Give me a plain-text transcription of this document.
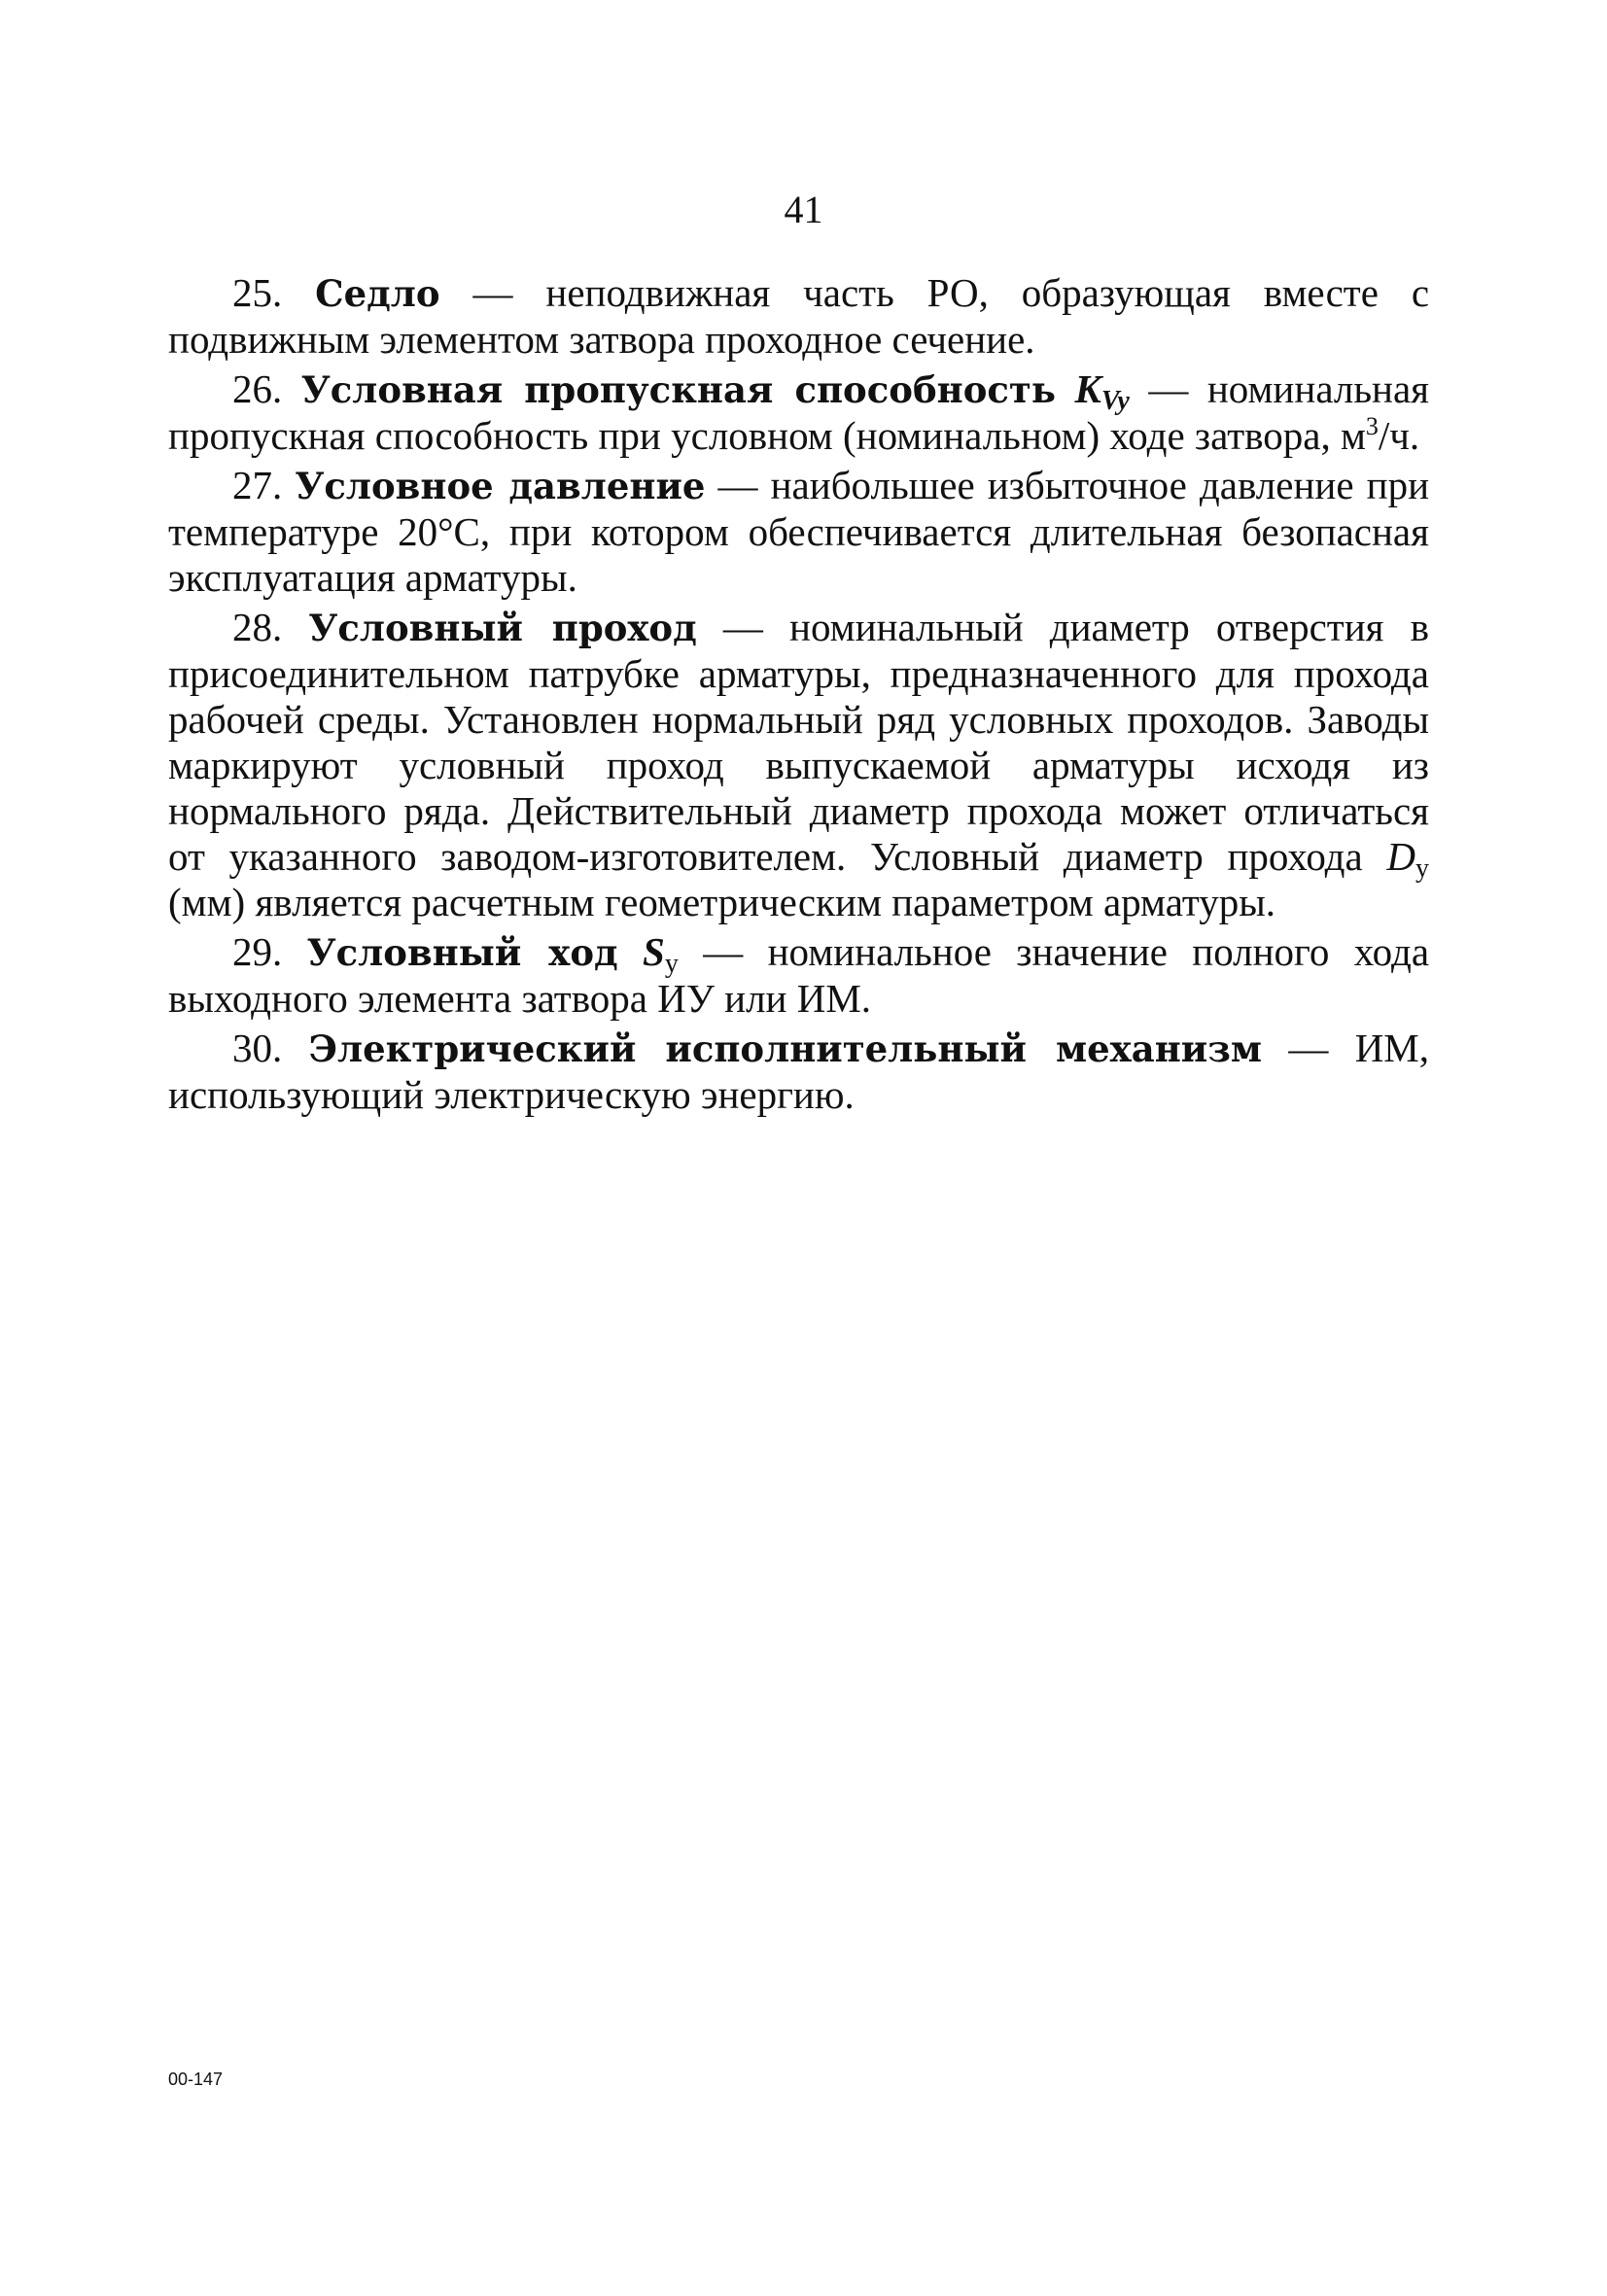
41

25. Седло — неподвижная часть РО, образующая вместе с подвижным элементом затвора проходное сечение.

26. Условная пропускная способность $K_{Vy}$ — номинальная пропускная способность при условном (номинальном) ходе затвора, $м^3/ч$.

27. Условное давление — наибольшее избыточное давление при температуре 20°С, при котором обеспечивается длительная безопасная эксплуатация арматуры.

28. Условный проход — номинальный диаметр отверстия в присоединительном патрубке арматуры, предназначенного для прохода рабочей среды. Установлен нормальный ряд условных проходов. Заводы маркируют условный проход выпускаемой арматуры исходя из нормального ряда. Действительный диаметр прохода может отличаться от указанного заводом-изготовителем. Условный диаметр прохода $D_y$ (мм) является расчетным геометрическим параметром арматуры.

29. Условный ход $S_y$ — номинальное значение полного хода выходного элемента затвора ИУ или ИМ.

30. Электрический исполнительный механизм — ИМ, использующий электрическую энергию.

00-147
